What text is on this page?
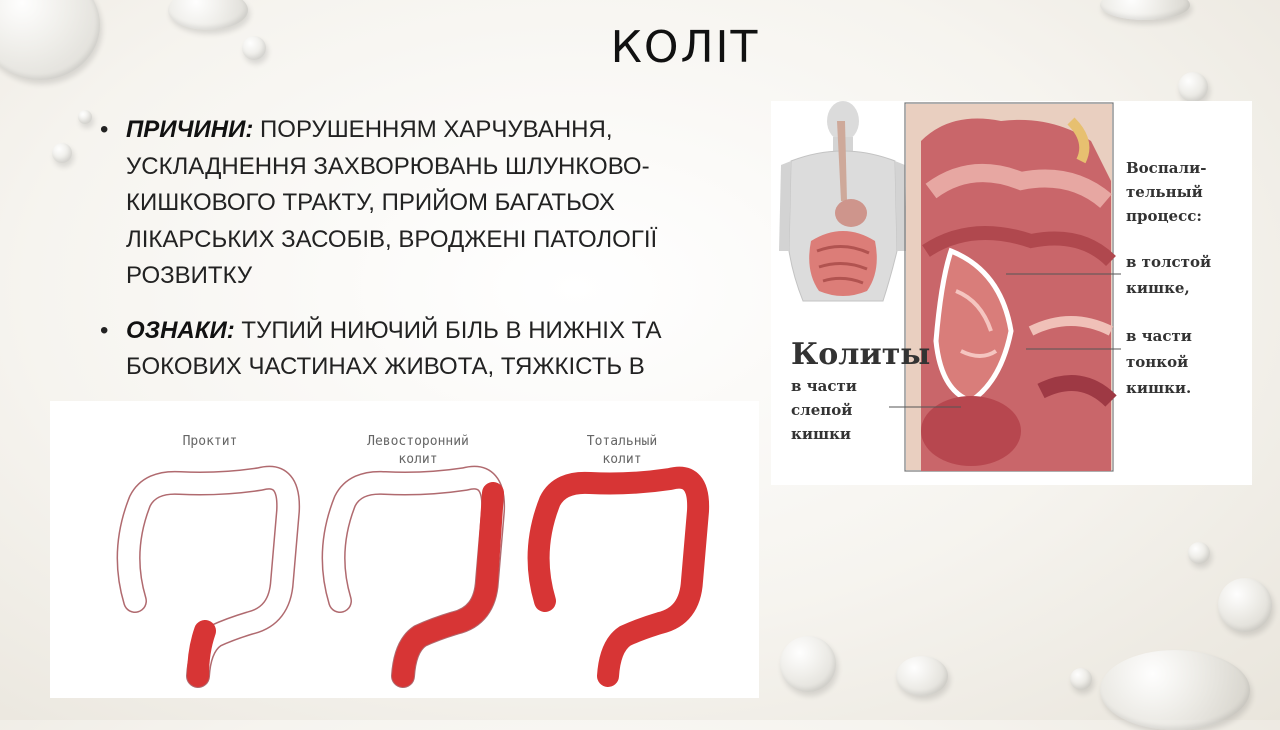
КОЛІТ
• ПРИЧИНИ: ПОРУШЕННЯМ ХАРЧУВАННЯ, УСКЛАДНЕННЯ ЗАХВОРЮВАНЬ ШЛУНКОВО-КИШКОВОГО ТРАКТУ, ПРИЙОМ БАГАТЬОХ ЛІКАРСЬКИХ ЗАСОБІВ, ВРОДЖЕНІ ПАТОЛОГІЇ РОЗВИТКУ
• ОЗНАКИ: ТУПИЙ НИЮЧИЙ БІЛЬ В НИЖНІХ ТА БОКОВИХ ЧАСТИНАХ ЖИВОТА, ТЯЖКІСТЬ В	Колиты
в части
слепой
кишки
Воспали-
тельный
процесс:
в толстой
кишке,
в части
тонкой
кишки.
Проктит	Левосторонний
колит
Тотальный
колит
